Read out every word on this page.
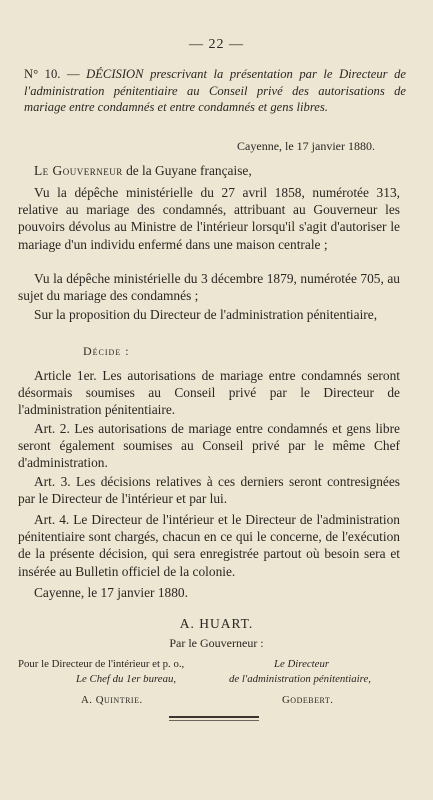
— 22 —
N° 10. — DÉCISION prescrivant la présentation par le Directeur de l'administration pénitentiaire au Conseil privé des autorisations de mariage entre condamnés et entre condamnés et gens libres.
Cayenne, le 17 janvier 1880.

Le Gouverneur de la Guyane française,

Vu la dépêche ministérielle du 27 avril 1858, numérotée 313, relative au mariage des condamnés, attribuant au Gouverneur les pouvoirs dévolus au Ministre de l'intérieur lorsqu'il s'agit d'autoriser le mariage d'un individu enfermé dans une maison centrale ;

Vu la dépêche ministérielle du 3 décembre 1879, numérotée 705, au sujet du mariage des condamnés ;

Sur la proposition du Directeur de l'administration pénitentiaire,

Décide :

Article 1er. Les autorisations de mariage entre condamnés seront désormais soumises au Conseil privé par le Directeur de l'administration pénitentiaire.

Art. 2. Les autorisations de mariage entre condamnés et gens libre seront également soumises au Conseil privé par le même Chef d'administration.

Art. 3. Les décisions relatives à ces derniers seront contresignées par le Directeur de l'intérieur et par lui.

Art. 4. Le Directeur de l'intérieur et le Directeur de l'administration pénitentiaire sont chargés, chacun en ce qui le concerne, de l'exécution de la présente décision, qui sera enregistrée partout où besoin sera et insérée au Bulletin officiel de la colonie.

Cayenne, le 17 janvier 1880.

A. HUART.
Par le Gouverneur :
Pour le Directeur de l'intérieur et p. o.,	Le Directeur
Le Chef du 1er bureau,	de l'administration pénitentiaire,
A. Quintrie.	Godebert.
